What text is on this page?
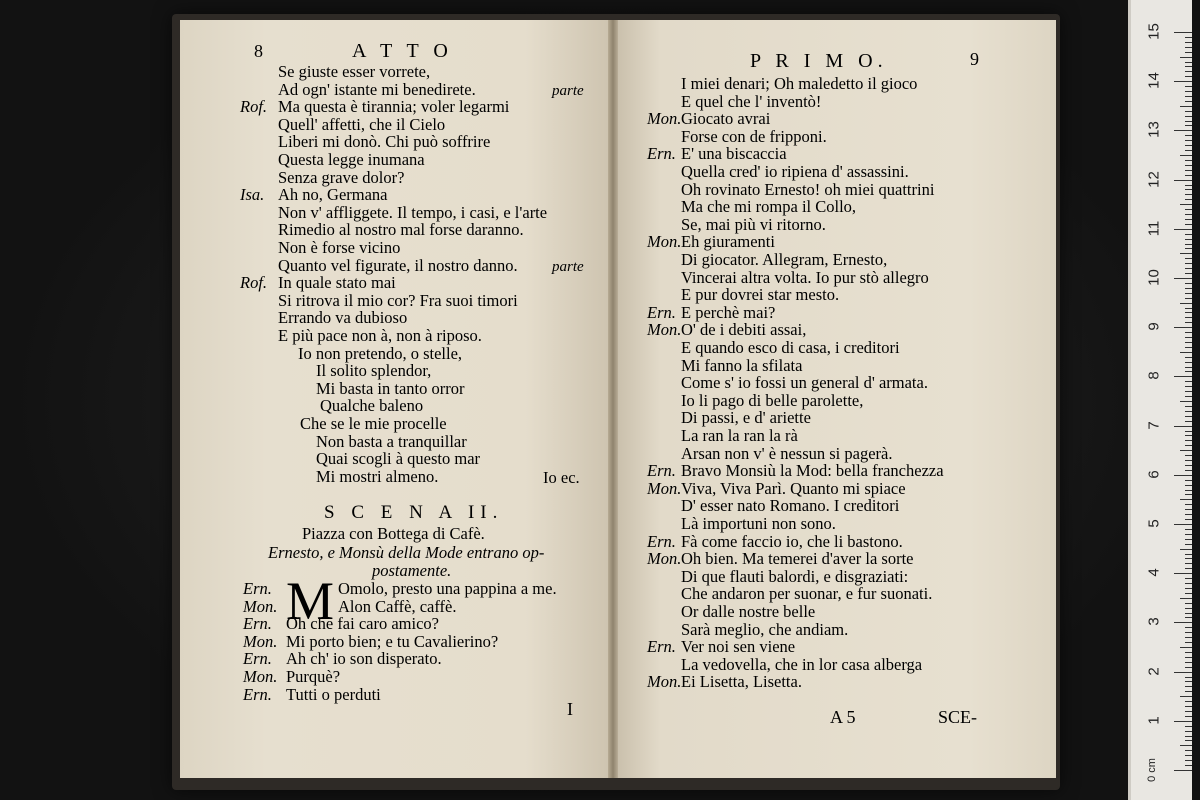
8	A T T O
Se giuste esser vorrete,
Ad ogn' istante mi benedirete.	parte
Rof. Ma questa è tirannia; voler legarmi
Quell' affetti, che il Cielo
Liberi mi donò. Chi può soffrire
Questa legge inumana
Senza grave dolor?
Isa. Ah no, Germana
Non v' affliggete. Il tempo, i casi, e l'arte
Rimedio al nostro mal forse daranno.
Non è forse vicino
Quanto vel figurate, il nostro danno. parte
Rof. In quale stato mai
Si ritrova il mio cor? Fra suoi timori
Errando va dubioso
E più pace non à, non à riposo.
Io non pretendo, o stelle,
Il solito splendor,
Mi basta in tanto orror
Qualche baleno
Che se le mie procelle
Non basta a tranquillar
Quai scogli à questo mar
Mi mostri almeno.	Io ec.
S C E N A II.
Piazza con Bottega di Cafè.
Ernesto, e Monsù della Mode entrano op-
postamente.
M
Ern.	Omolo, presto una pappina a me.
Mon.	Alon Caffè, caffè.
Ern. Oh che fai caro amico?
Mon. Mi porto bien; e tu Cavalierino?
Ern. Ah ch' io son disperato.
Mon. Purquè?
Ern. Tutti o perduti
I
P R I M O.	9
I miei denari; Oh maledetto il gioco
E quel che l' inventò!
Mon. Giocato avrai
Forse con de fripponi.
Ern. E' una biscaccia
Quella cred' io ripiena d' assassini.
Oh rovinato Ernesto! oh miei quattrini
Ma che mi rompa il Collo,
Se, mai più vi ritorno.
Mon. Eh giuramenti
Di giocator. Allegram, Ernesto,
Vincerai altra volta. Io pur stò allegro
E pur dovrei star mesto.
Ern. E perchè mai?
Mon. O' de i debiti assai,
E quando esco di casa, i creditori
Mi fanno la sfilata
Come s' io fossi un general d' armata.
Io li pago di belle parolette,
Di passi, e d' ariette
La ran la ran la rà
Arsan non v' è nessun si pagerà.
Ern. Bravo Monsiù la Mod: bella franchezza
Mon. Viva, Viva Parì. Quanto mi spiace
D' esser nato Romano. I creditori
Là importuni non sono.
Ern. Fà come faccio io, che li bastono.
Mon. Oh bien. Ma temerei d'aver la sorte
Di que flauti balordi, e disgraziati:
Che andaron per suonar, e fur suonati.
Or dalle nostre belle
Sarà meglio, che andiam.
Ern. Ver noi sen viene
La vedovella, che in lor casa alberga
Mon. Ei Lisetta, Lisetta.
A 5	SCE-
15
14
13
12
11
10
9
8
7
6
5
4
3
2
1
0 cm
